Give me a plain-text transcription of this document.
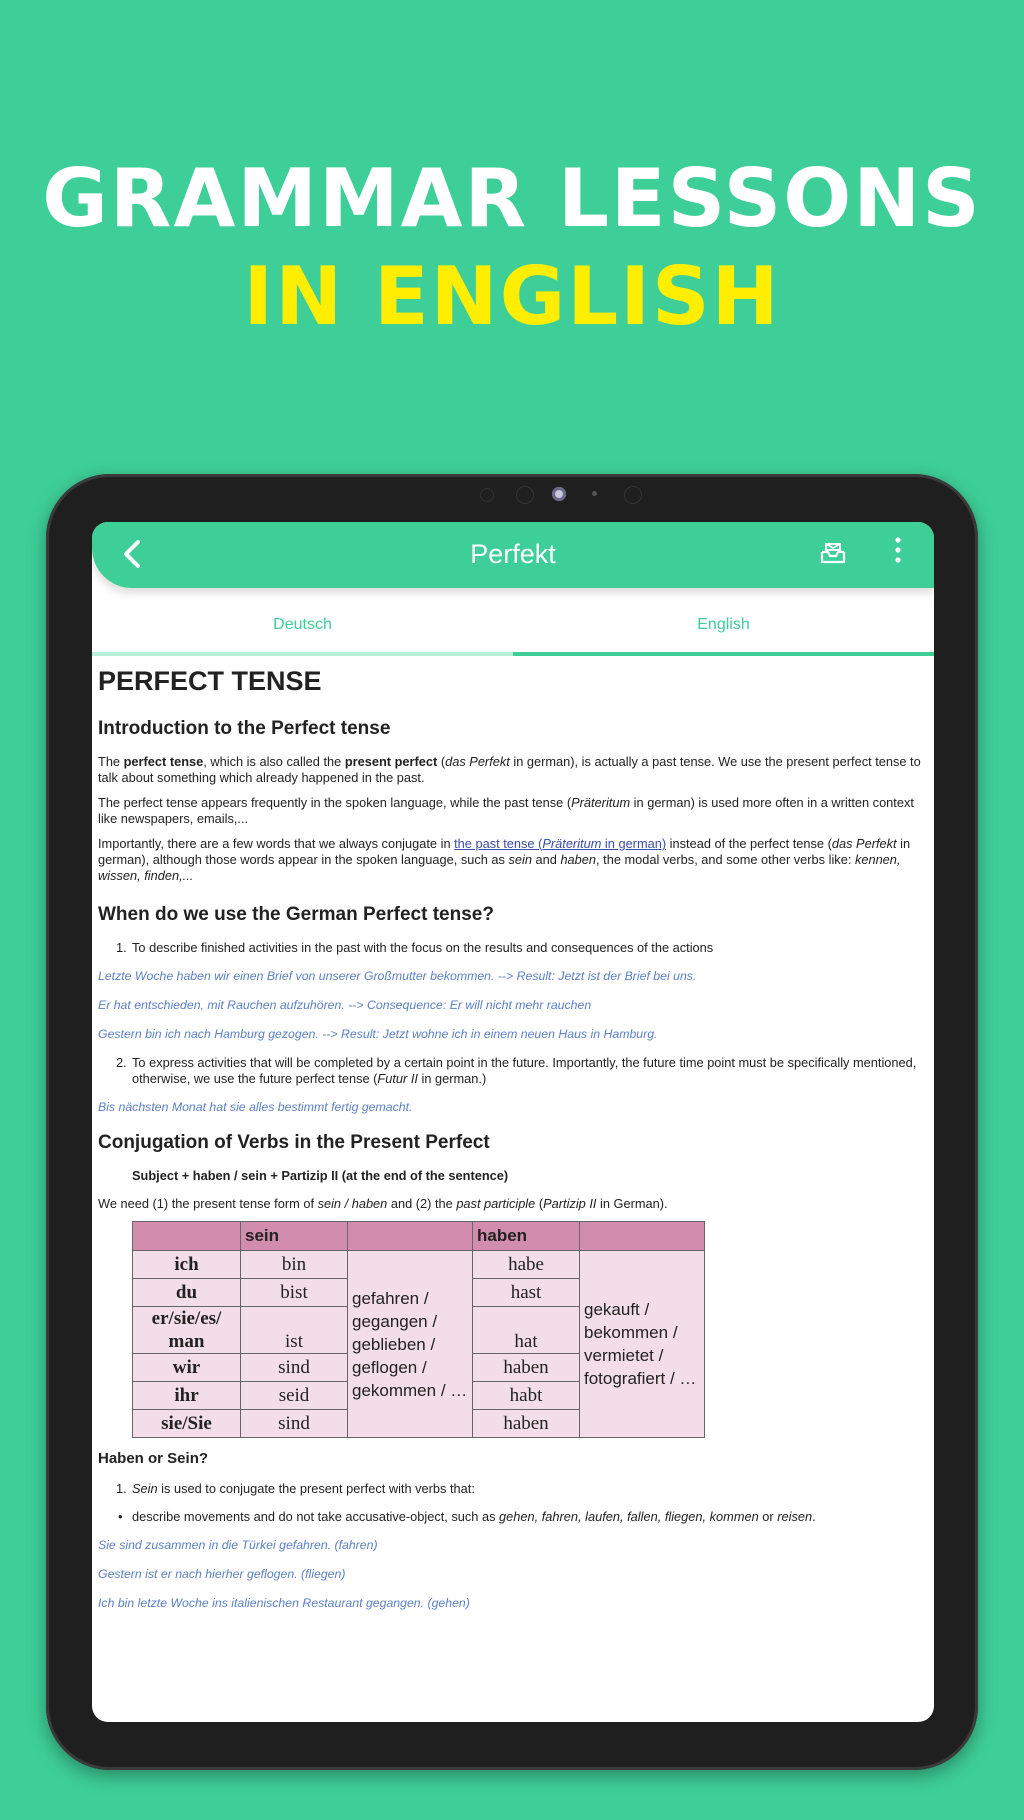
GRAMMAR LESSONS
IN ENGLISH
Perfekt
Deutsch	English
PERFECT TENSE
Introduction to the Perfect tense

The perfect tense, which is also called the present perfect (das Perfekt in german), is actually a past tense. We use the present perfect tense to talk about something which already happened in the past.

The perfect tense appears frequently in the spoken language, while the past tense (Präteritum in german) is used more often in a written context like newspapers, emails,...

Importantly, there are a few words that we always conjugate in the past tense (Präteritum in german) instead of the perfect tense (das Perfekt in german), although those words appear in the spoken language, such as sein and haben, the modal verbs, and some other verbs like: kennen, wissen, finden,...

When do we use the German Perfect tense?
1. To describe finished activities in the past with the focus on the results and consequences of the actions

Letzte Woche haben wir einen Brief von unserer Großmutter bekommen. --> Result: Jetzt ist der Brief bei uns.

Er hat entschieden, mit Rauchen aufzuhören. --> Consequence: Er will nicht mehr rauchen

Gestern bin ich nach Hamburg gezogen. --> Result: Jetzt wohne ich in einem neuen Haus in Hamburg.

2. To express activities that will be completed by a certain point in the future. Importantly, the future time point must be specifically mentioned, otherwise, we use the future perfect tense (Futur II in german.)

Bis nächsten Monat hat sie alles bestimmt fertig gemacht.

Conjugation of Verbs in the Present Perfect
Subject + haben / sein + Partizip II (at the end of the sentence)

We need (1) the present tense form of sein / haben and (2) the past participle (Partizip II in German).

	sein		haben	
ich	bin	gefahren / gegangen / geblieben / geflogen / gekommen / …	habe	gekauft / bekommen / vermietet / fotografiert / …
du	bist		hast	
er/sie/es/ man	ist		hat	
wir	sind		haben	
ihr	seid		habt	
sie/Sie	sind		haben	
Haben or Sein?
1. Sein is used to conjugate the present perfect with verbs that:
• describe movements and do not take accusative-object, such as gehen, fahren, laufen, fallen, fliegen, kommen or reisen.

Sie sind zusammen in die Türkei gefahren. (fahren)

Gestern ist er nach hierher geflogen. (fliegen)

Ich bin letzte Woche ins italienischen Restaurant gegangen. (gehen)
